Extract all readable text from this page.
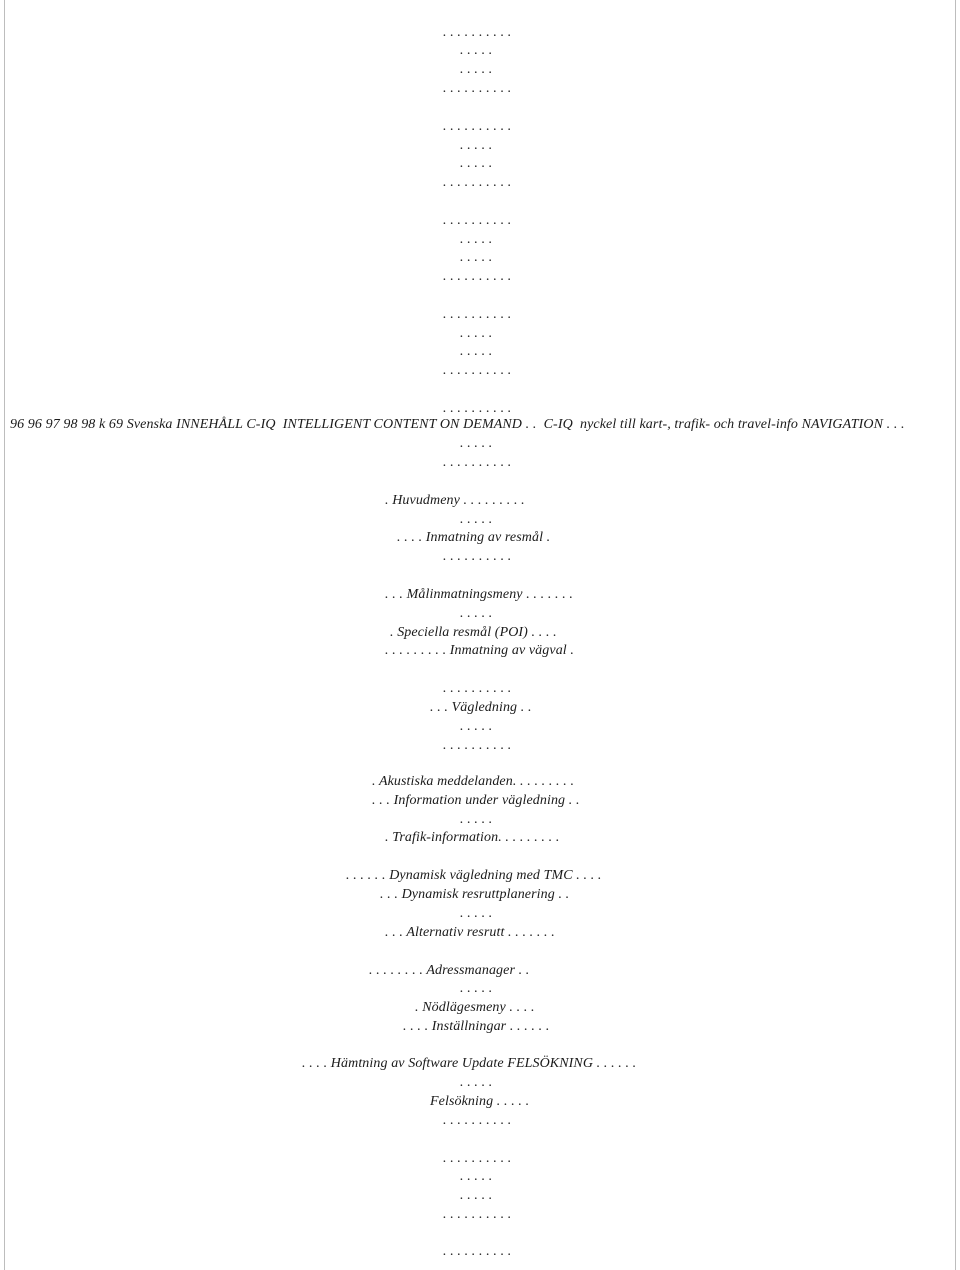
. . . . . . . . . .
. . . . .
. . . . .
. . . . . . . . . .
. . . . . . . . . .
. . . . .
. . . . .
. . . . . . . . . .
. . . . . . . . . .
. . . . .
. . . . .
. . . . . . . . . .
. . . . . . . . . .
. . . . .
. . . . .
. . . . . . . . . .
. . . . . . . . . .
96 96 97 98 98 k 69 Svenska INNEHÅLL C-IQ  INTELLIGENT CONTENT ON DEMAND . .  C-IQ  nyckel till kart-, trafik- och travel-info NAVIGATION . . .
. . . . .
. . . . . . . . . .
. Huvudmeny . . . . . . . . .
. . . . .
. . . . Inmatning av resmål .
. . . . . . . . . .
. . . Målinmatningsmeny . . . . . . .
. . . . .
. Speciella resmål (POI) . . . .
. . . . . . . . . Inmatning av vägval .
. . . . . . . . . .
. . . Vägledning . .
. . . . .
. . . . . . . . . .
. Akustiska meddelanden. . . . . . . . .
. . . Information under vägledning . .
. . . . .
. Trafik-information. . . . . . . . .
. . . . . . Dynamisk vägledning med TMC . . . .
. . . Dynamisk resruttplanering . .
. . . . .
. . . Alternativ resrutt . . . . . . .
. . . . . . . . Adressmanager . .
. . . . .
. Nödlägesmeny . . . .
. . . . Inställningar . . . . . .
. . . . Hämtning av Software Update FELSÖKNING . . . . . .
. . . . .
Felsökning . . . . .
. . . . . . . . . .
. . . . . . . . . .
. . . . .
. . . . .
. . . . . . . . . .
. . . . . . . . . .
